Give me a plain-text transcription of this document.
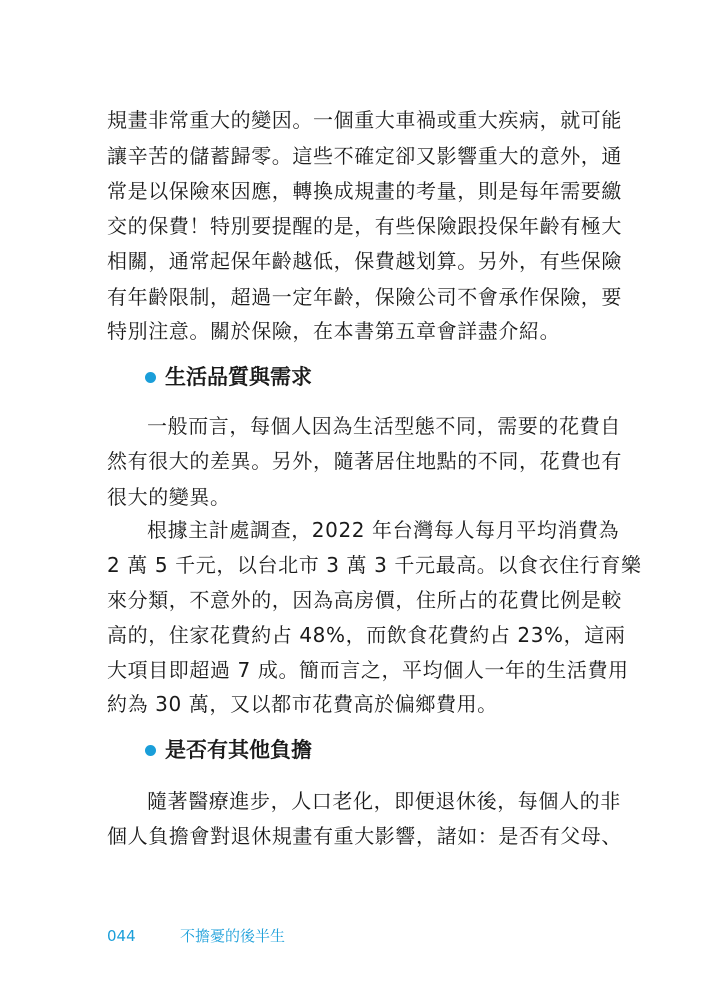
規畫非常重大的變因。一個重大車禍或重大疾病，就可能
讓辛苦的儲蓄歸零。這些不確定卻又影響重大的意外，通
常是以保險來因應，轉換成規畫的考量，則是每年需要繳
交的保費！特別要提醒的是，有些保險跟投保年齡有極大
相關，通常起保年齡越低，保費越划算。另外，有些保險
有年齡限制，超過一定年齡，保險公司不會承作保險，要
特別注意。關於保險，在本書第五章會詳盡介紹。
生活品質與需求
一般而言，每個人因為生活型態不同，需要的花費自
然有很大的差異。另外，隨著居住地點的不同，花費也有
很大的變異。
根據主計處調查，2022 年台灣每人每月平均消費為
2 萬 5 千元，以台北市 3 萬 3 千元最高。以食衣住行育樂
來分類，不意外的，因為高房價，住所占的花費比例是較
高的，住家花費約占 48%，而飲食花費約占 23%，這兩
大項目即超過 7 成。簡而言之，平均個人一年的生活費用
約為 30 萬，又以都市花費高於偏鄉費用。
是否有其他負擔
隨著醫療進步，人口老化，即便退休後，每個人的非
個人負擔會對退休規畫有重大影響，諸如：是否有父母、
044	不擔憂的後半生
